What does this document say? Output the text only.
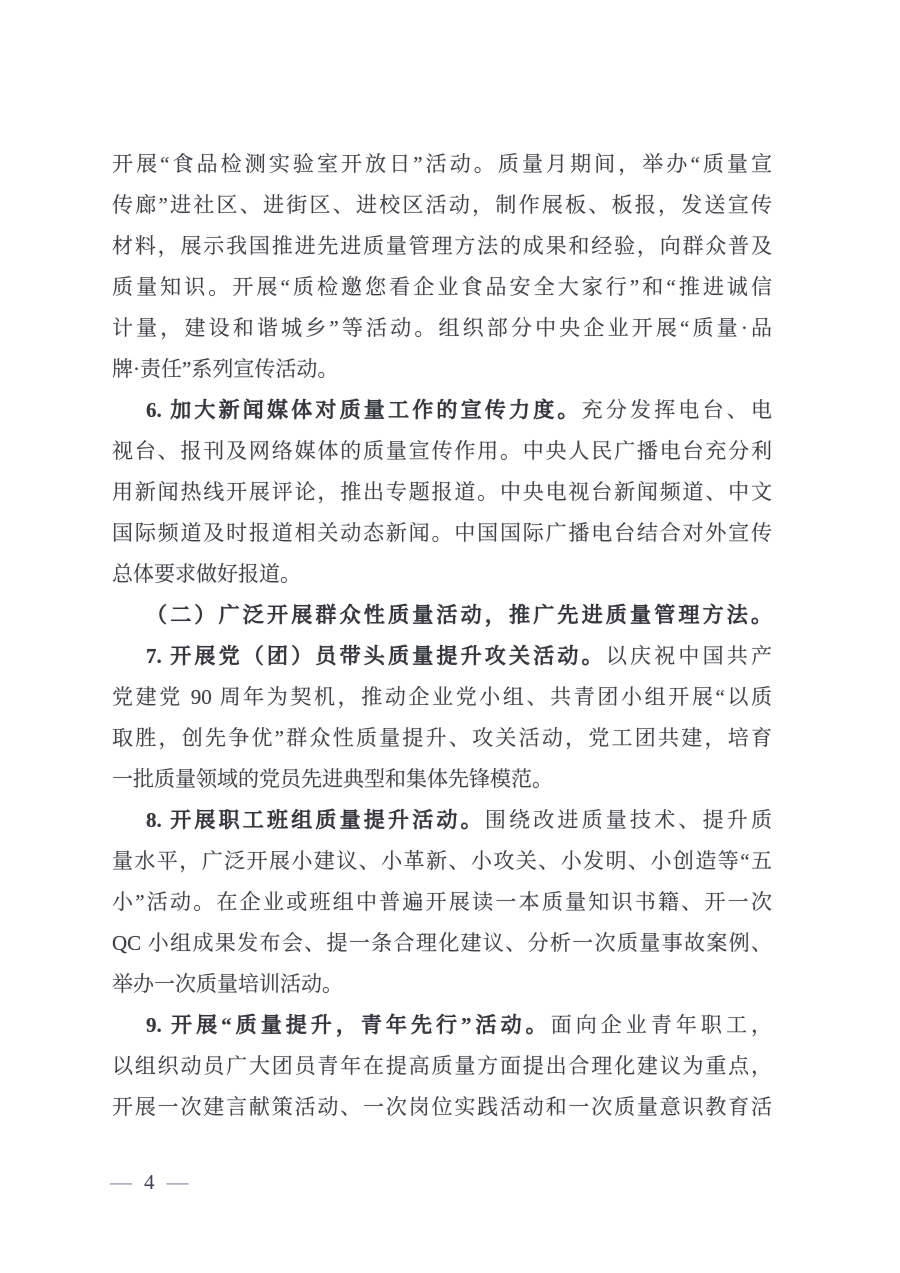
开展“食品检测实验室开放日”活动。质量月期间，举办“质量宣
传廊”进社区、进街区、进校区活动，制作展板、板报，发送宣传
材料，展示我国推进先进质量管理方法的成果和经验，向群众普及
质量知识。开展“质检邀您看企业食品安全大家行”和“推进诚信
计量，建设和谐城乡”等活动。组织部分中央企业开展“质量·品
牌·责任”系列宣传活动。
6. 加大新闻媒体对质量工作的宣传力度。充分发挥电台、电
视台、报刊及网络媒体的质量宣传作用。中央人民广播电台充分利
用新闻热线开展评论，推出专题报道。中央电视台新闻频道、中文
国际频道及时报道相关动态新闻。中国国际广播电台结合对外宣传
总体要求做好报道。
（二）广泛开展群众性质量活动，推广先进质量管理方法。
7. 开展党（团）员带头质量提升攻关活动。以庆祝中国共产
党建党 90 周年为契机，推动企业党小组、共青团小组开展“以质
取胜，创先争优”群众性质量提升、攻关活动，党工团共建，培育
一批质量领域的党员先进典型和集体先锋模范。
8. 开展职工班组质量提升活动。围绕改进质量技术、提升质
量水平，广泛开展小建议、小革新、小攻关、小发明、小创造等“五
小”活动。在企业或班组中普遍开展读一本质量知识书籍、开一次
QC 小组成果发布会、提一条合理化建议、分析一次质量事故案例、
举办一次质量培训活动。
9. 开展“质量提升，青年先行”活动。面向企业青年职工，
以组织动员广大团员青年在提高质量方面提出合理化建议为重点，
开展一次建言献策活动、一次岗位实践活动和一次质量意识教育活
— 4 —
